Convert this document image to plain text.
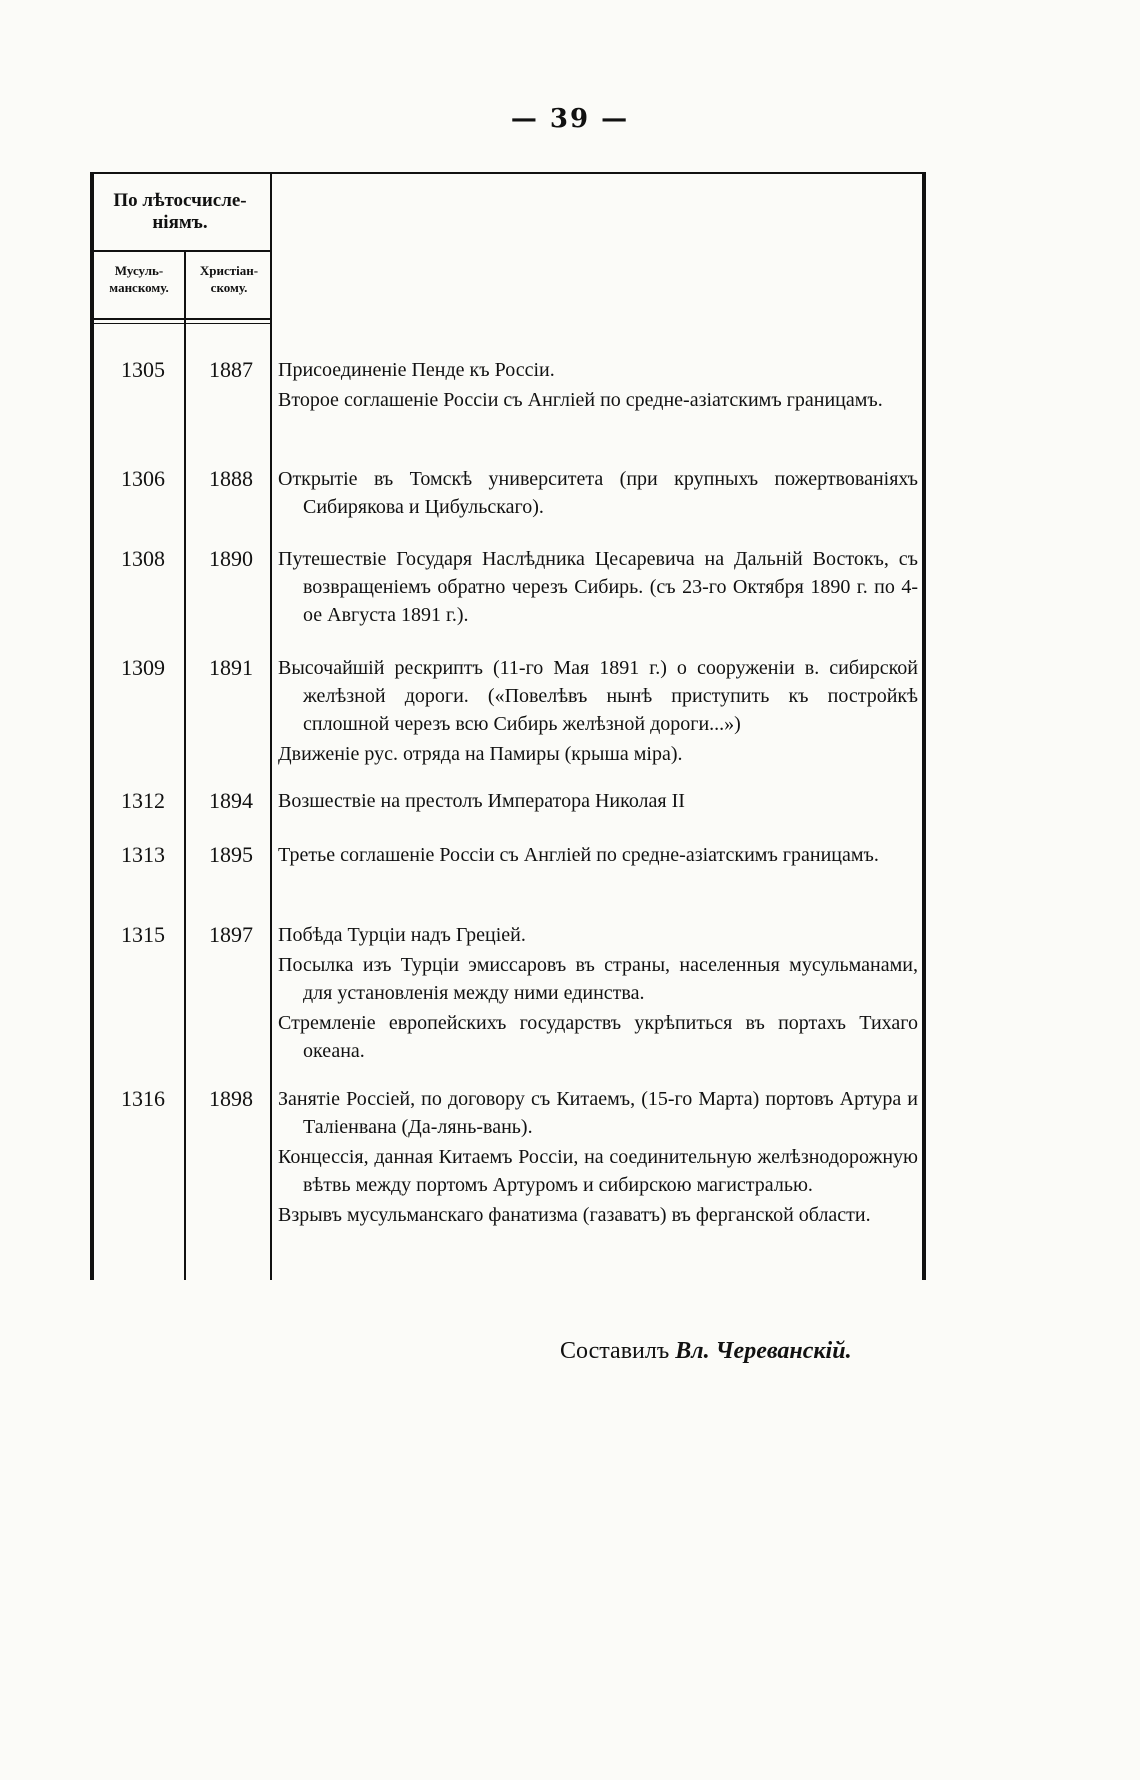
— 39 —
По лѣтосчисле- ніямъ.
Мусуль- манскому.
Христіан- скому.
1305	1887	Присоединеніе Пенде къ Россіи.

Второе соглашеніе Россіи съ Англіей по средне-азіатскимъ границамъ.

1306	1888	Открытіе въ Томскѣ университета (при крупныхъ пожертвованіяхъ Сибирякова и Цибульскаго).

1308	1890	Путешествіе Государя Наслѣдника Цесаревича на Дальній Востокъ, съ возвращеніемъ обратно черезъ Сибирь. (съ 23-го Октября 1890 г. по 4-ое Августа 1891 г.).

1309	1891	Высочайшій рескриптъ (11-го Мая 1891 г.) о сооруженіи в. сибирской желѣзной дороги. («Повелѣвъ нынѣ приступить къ постройкѣ сплошной черезъ всю Сибирь желѣзной дороги...»)

Движеніе рус. отряда на Памиры (крыша міра).

1312	1894	Возшествіе на престолъ Императора Николая II

1313	1895	Третье соглашеніе Россіи съ Англіей по средне-азіатскимъ границамъ.

1315	1897	Побѣда Турціи надъ Греціей.

Посылка изъ Турціи эмиссаровъ въ страны, населенныя мусульманами, для установленія между ними единства.

Стремленіе европейскихъ государствъ укрѣпиться въ портахъ Тихаго океана.

1316	1898	Занятіе Россіей, по договору съ Китаемъ, (15-го Марта) портовъ Артура и Таліенвана (Да-лянь-вань).

Концессія, данная Китаемъ Россіи, на соединительную желѣзнодорожную вѣтвь между портомъ Артуромъ и сибирскою магистралью.

Взрывъ мусульманскаго фанатизма (газаватъ) въ ферганской области.

Составилъ Вл. Черeванскій.
